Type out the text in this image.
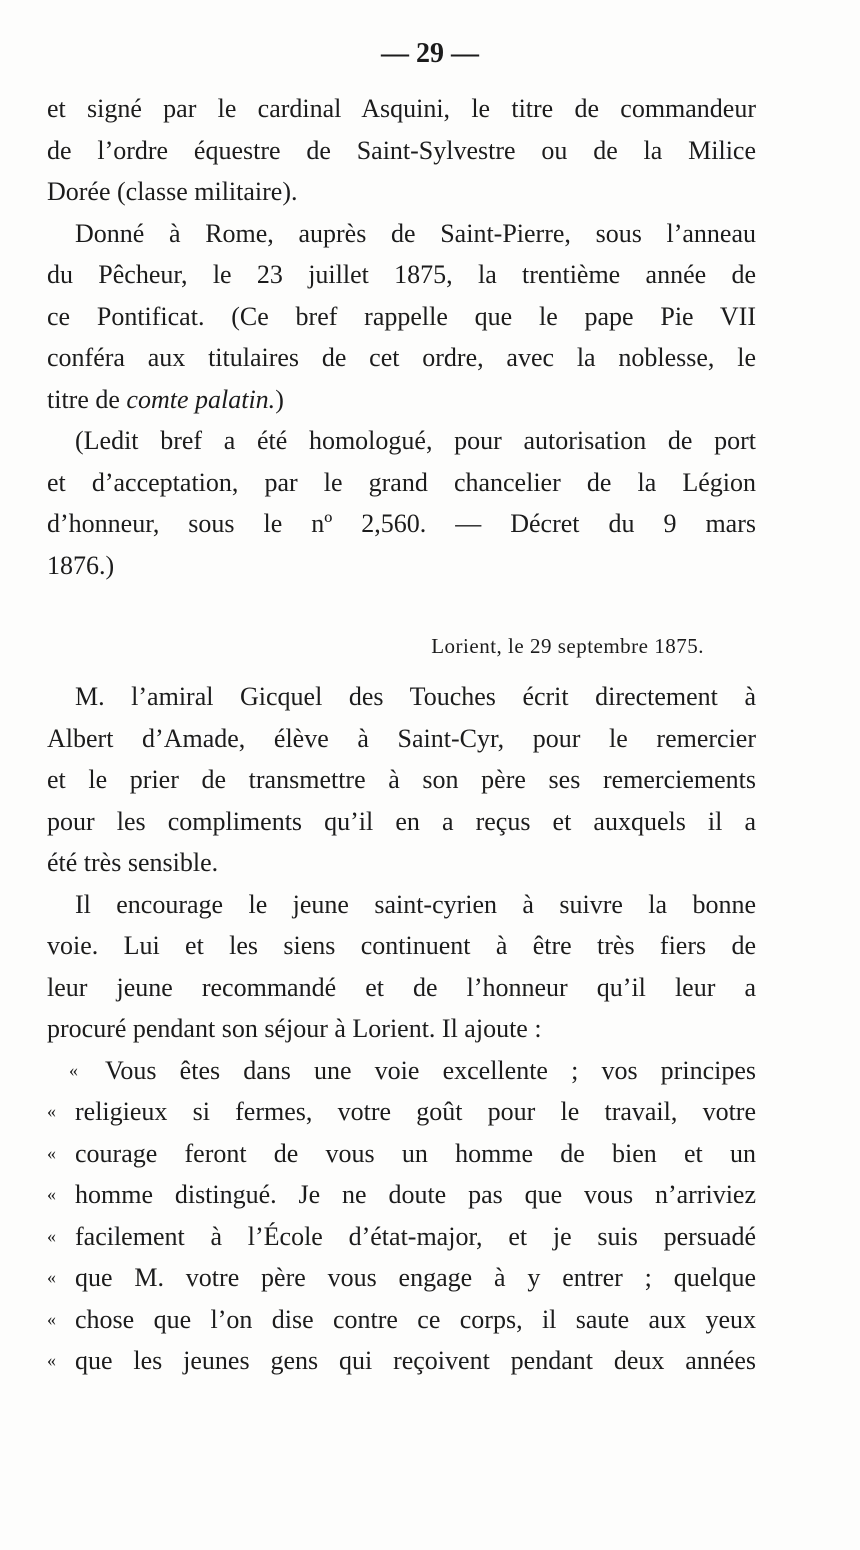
— 29 —
et signé par le cardinal Asquini, le titre de commandeur
de l’ordre équestre de Saint-Sylvestre ou de la Milice
Dorée (classe militaire).
Donné à Rome, auprès de Saint-Pierre, sous l’anneau
du Pêcheur, le 23 juillet 1875, la trentième année de
ce Pontificat. (Ce bref rappelle que le pape Pie VII
conféra aux titulaires de cet ordre, avec la noblesse, le
titre de comte palatin.)
(Ledit bref a été homologué, pour autorisation de port
et d’acceptation, par le grand chancelier de la Légion
d’honneur, sous le nº 2,560. — Décret du 9 mars
1876.)
Lorient, le 29 septembre 1875.
M. l’amiral Gicquel des Touches écrit directement à
Albert d’Amade, élève à Saint-Cyr, pour le remercier
et le prier de transmettre à son père ses remerciements
pour les compliments qu’il en a reçus et auxquels il a
été très sensible.
Il encourage le jeune saint-cyrien à suivre la bonne
voie. Lui et les siens continuent à être très fiers de
leur jeune recommandé et de l’honneur qu’il leur a
procuré pendant son séjour à Lorient. Il ajoute :
« Vous êtes dans une voie excellente ; vos principes
« religieux si fermes, votre goût pour le travail, votre
« courage feront de vous un homme de bien et un
« homme distingué. Je ne doute pas que vous n’arriviez
« facilement à l’École d’état-major, et je suis persuadé
« que M. votre père vous engage à y entrer ; quelque
« chose que l’on dise contre ce corps, il saute aux yeux
« que les jeunes gens qui reçoivent pendant deux années
